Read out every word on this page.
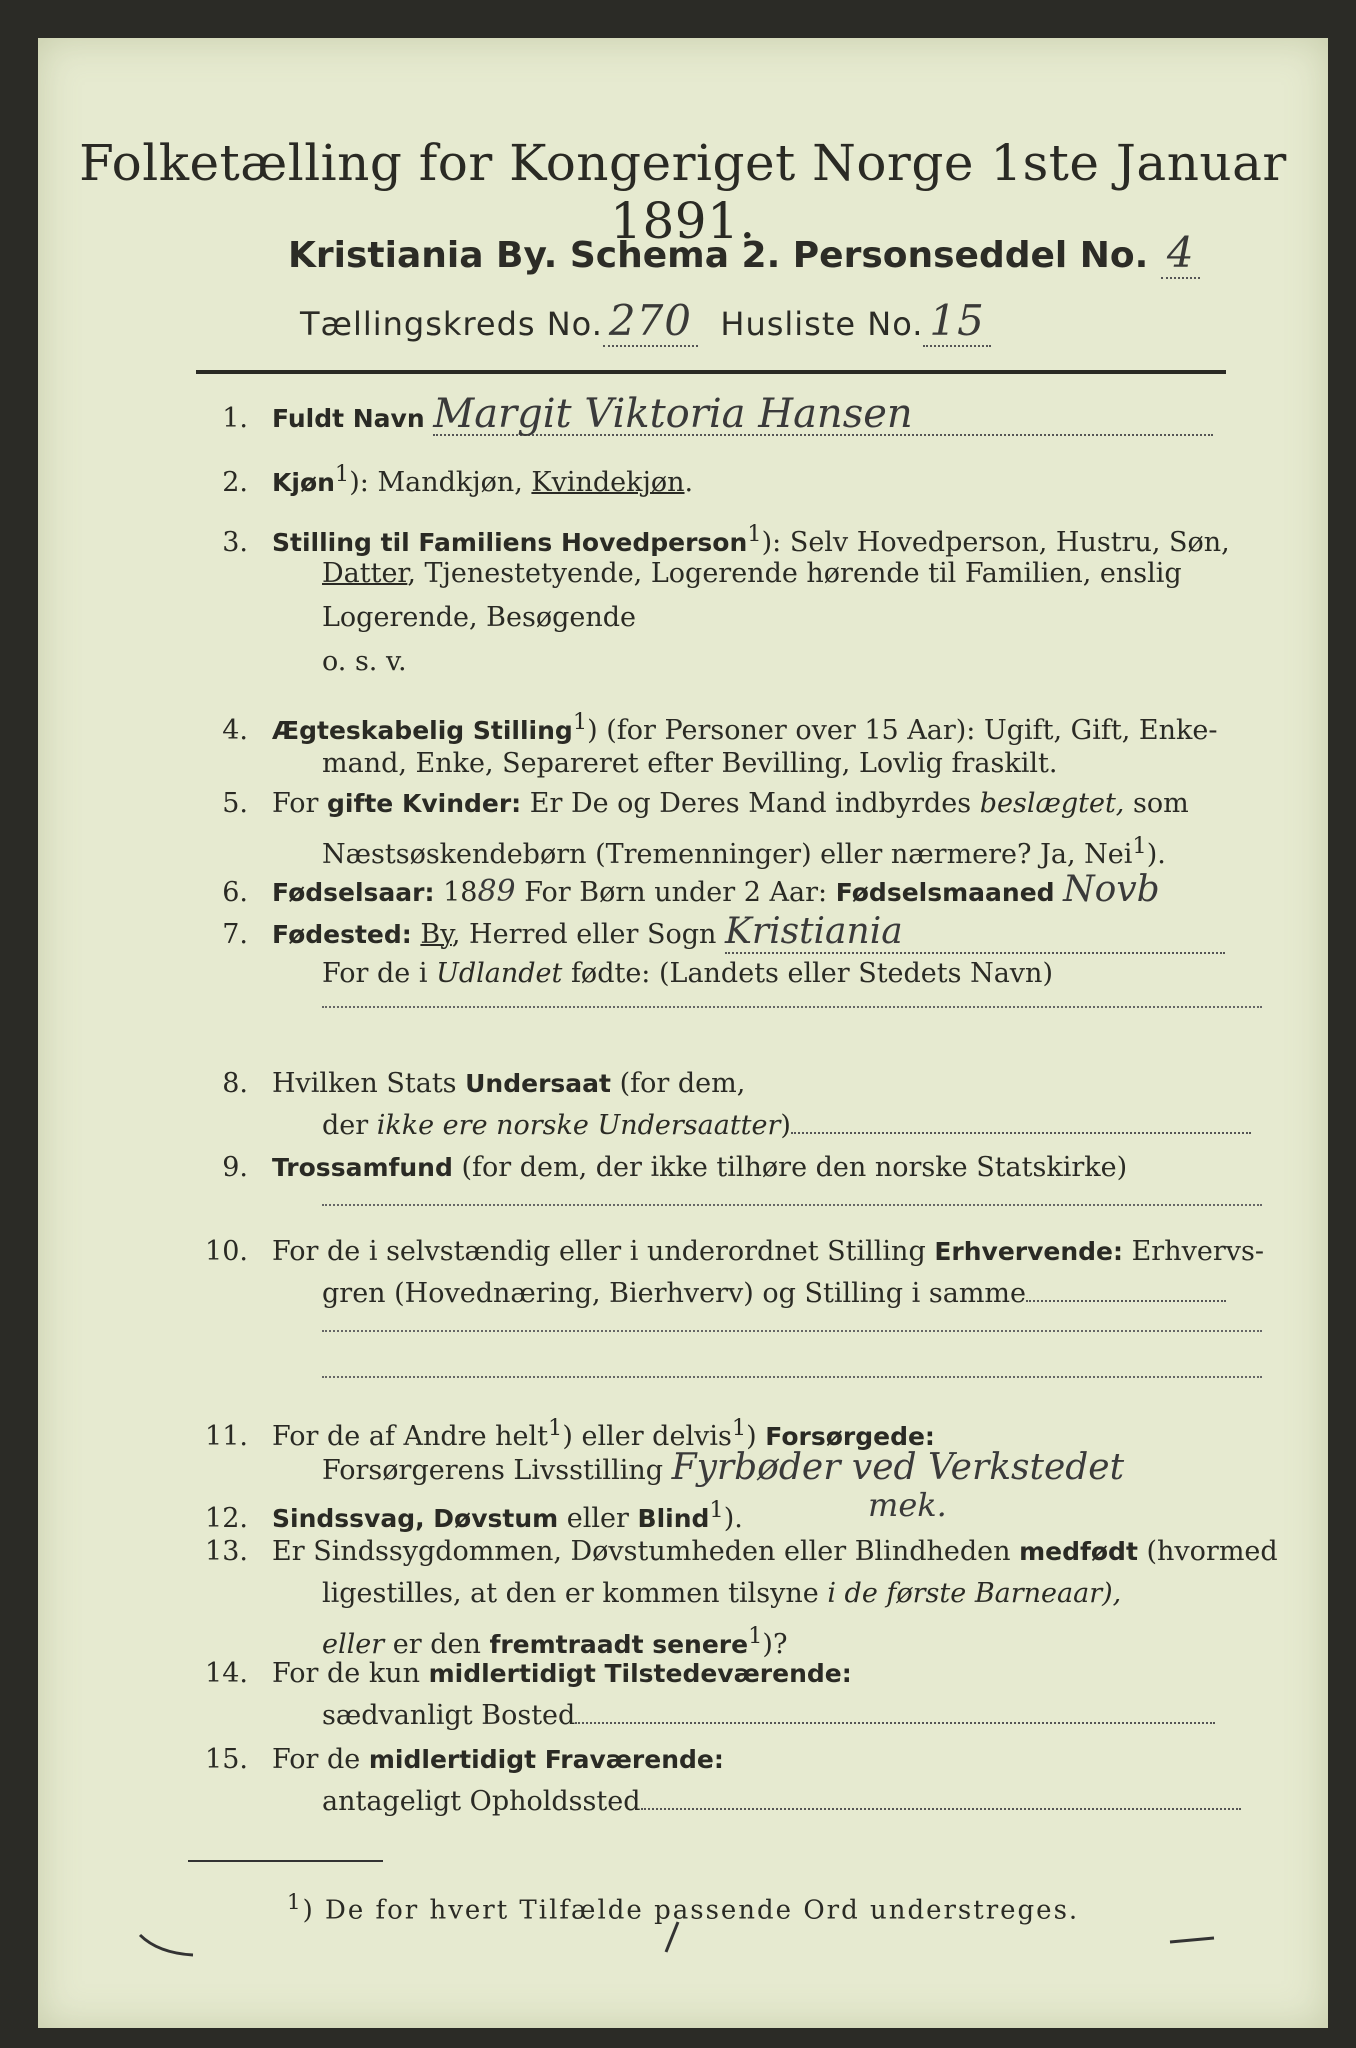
Folketælling for Kongeriget Norge 1ste Januar 1891.
Kristiania By. Schema 2. Personseddel No. 4
Tællingskreds No. 270 Husliste No. 15
1. Fuldt Navn Margit Viktoria Hansen
2. Kjøn$^1$): Mandkjøn, Kvindekjøn.
3. Stilling til Familiens Hovedperson$^1$): Selv Hovedperson, Hustru, Søn,
Datter, Tjenestetyende, Logerende hørende til Familien, enslig
Logerende, Besøgende
o. s. v.
4. Ægteskabelig Stilling$^1$) (for Personer over 15 Aar): Ugift, Gift, Enke-
mand, Enke, Separeret efter Bevilling, Lovlig fraskilt.
5. For gifte Kvinder: Er De og Deres Mand indbyrdes beslægtet, som
Næstsøskendebørn (Tremenninger) eller nærmere? Ja, Nei$^1$).
6. Fødselsaar: 1889 For Børn under 2 Aar: Fødselsmaaned Novb
7. Fødested: By, Herred eller Sogn Kristiania
For de i Udlandet fødte: (Landets eller Stedets Navn)
8. Hvilken Stats Undersaat (for dem,
der ikke ere norske Undersaatter)
9. Trossamfund (for dem, der ikke tilhøre den norske Statskirke)
10. For de i selvstændig eller i underordnet Stilling Erhvervende: Erhvervs-
gren (Hovednæring, Bierhverv) og Stilling i samme
11. For de af Andre helt$^1$) eller delvis$^1$) Forsørgede:
Forsørgerens Livsstilling Fyrbøder ved Verkstedet
mek.
12. Sindssvag, Døvstum eller Blind$^1$).
13. Er Sindssygdommen, Døvstumheden eller Blindheden medfødt (hvormed
ligestilles, at den er kommen tilsyne i de første Barneaar),
eller er den fremtraadt senere$^1$)?
14. For de kun midlertidigt Tilstedeværende:
sædvanligt Bosted
15. For de midlertidigt Fraværende:
antageligt Opholdssted
$^1$) De for hvert Tilfælde passende Ord understreges.
